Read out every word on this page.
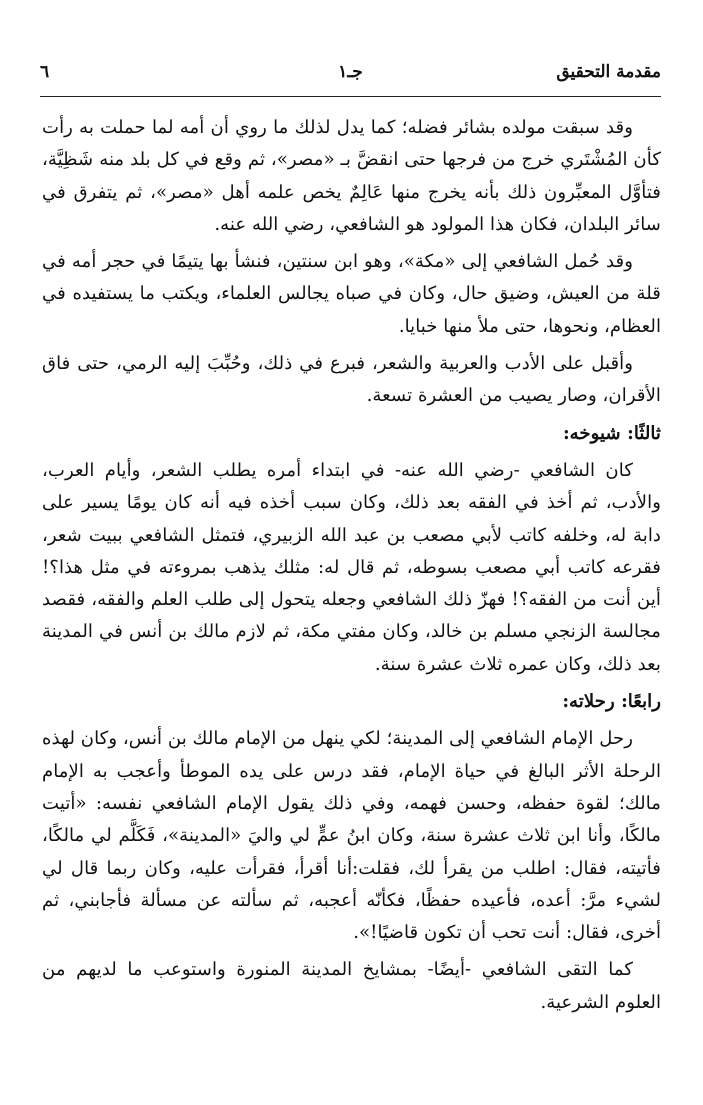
٦	جـ١	مقدمة التحقيق

وقد سبقت مولده بشائر فضله؛ كما يدل لذلك ما روي أن أمه لما حملت به رأت كأن المُشْتَري خرج من فرجها حتى انقضَّ بـ «مصر»، ثم وقع في كل بلد منه شَظِيَّة، فتأوَّل المعبِّرون ذلك بأنه يخرج منها عَالِمٌ يخص علمه أهل «مصر»، ثم يتفرق في سائر البلدان، فكان هذا المولود هو الشافعي، رضي الله عنه.

وقد حُمل الشافعي إلى «مكة»، وهو ابن سنتين، فنشأ بها يتيمًا في حجر أمه في قلة من العيش، وضيق حال، وكان في صباه يجالس العلماء، ويكتب ما يستفيده في العظام، ونحوها، حتى ملأ منها خبايا.

وأقبل على الأدب والعربية والشعر، فبرع في ذلك، وحُبِّبَ إليه الرمي، حتى فاق الأقران، وصار يصيب من العشرة تسعة.

ثالثًا: شيوخه:

كان الشافعي -رضي الله عنه- في ابتداء أمره يطلب الشعر، وأيام العرب، والأدب، ثم أخذ في الفقه بعد ذلك، وكان سبب أخذه فيه أنه كان يومًا يسير على دابة له، وخلفه كاتب لأبي مصعب بن عبد الله الزبيري، فتمثل الشافعي ببيت شعر، فقرعه كاتب أبي مصعب بسوطه، ثم قال له: مثلك يذهب بمروءته في مثل هذا؟! أين أنت من الفقه؟! فهزّ ذلك الشافعي وجعله يتحول إلى طلب العلم والفقه، فقصد مجالسة الزنجي مسلم بن خالد، وكان مفتي مكة، ثم لازم مالك بن أنس في المدينة بعد ذلك، وكان عمره ثلاث عشرة سنة.

رابعًا: رحلاته:

رحل الإمام الشافعي إلى المدينة؛ لكي ينهل من الإمام مالك بن أنس، وكان لهذه الرحلة الأثر البالغ في حياة الإمام، فقد درس على يده الموطأ وأعجب به الإمام مالك؛ لقوة حفظه، وحسن فهمه، وفي ذلك يقول الإمام الشافعي نفسه: «أتيت مالكًا، وأنا ابن ثلاث عشرة سنة، وكان ابنُ عمٍّ لي واليَ «المدينة»، فَكَلَّم لي مالكًا، فأتيته، فقال: اطلب من يقرأ لك، فقلت:أنا أقرأ، فقرأت عليه، وكان ربما قال لي لشيء مرَّ: أعده، فأعيده حفظًا، فكأنّه أعجبه، ثم سألته عن مسألة فأجابني، ثم أخرى، فقال: أنت تحب أن تكون قاضيًا!».

كما التقى الشافعي -أيضًا- بمشايخ المدينة المنورة واستوعب ما لديهم من العلوم الشرعية.
